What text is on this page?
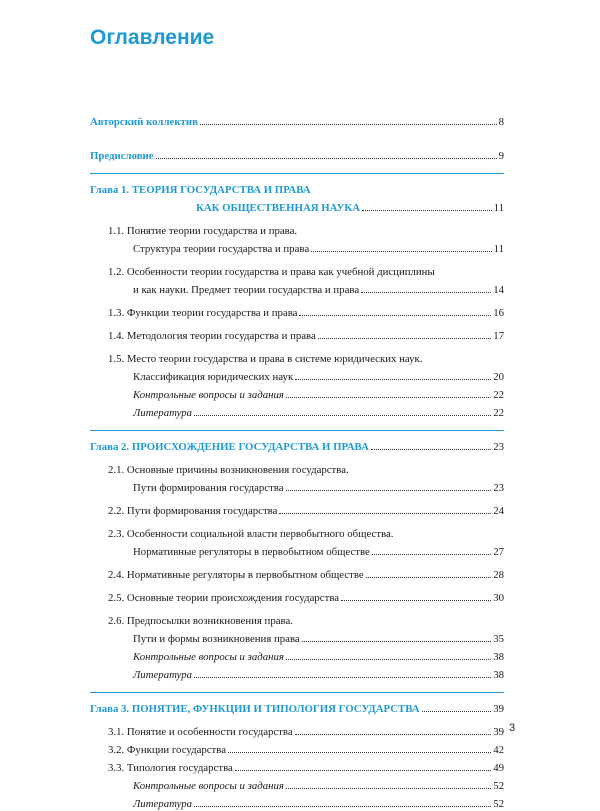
Оглавление
Авторский коллектив	8
Предисловие	9
Глава 1. ТЕОРИЯ ГОСУДАРСТВА И ПРАВА
КАК ОБЩЕСТВЕННАЯ НАУКА	11
1.1. Понятие теории государства и права.
Структура теории государства и права	11
1.2. Особенности теории государства и права как учебной дисциплины
и как науки. Предмет теории государства и права	14
1.3. Функции теории государства и права	16
1.4. Методология теории государства и права	17
1.5. Место теории государства и права в системе юридических наук.
Классификация юридических наук	20
Контрольные вопросы и задания	22
Литература	22
Глава 2. ПРОИСХОЖДЕНИЕ ГОСУДАРСТВА И ПРАВА	23
2.1. Основные причины возникновения государства.
Пути формирования государства	23
2.2. Пути формирования государства	24
2.3. Особенности социальной власти первобытного общества.
Нормативные регуляторы в первобытном обществе	27
2.4. Нормативные регуляторы в первобытном обществе	28
2.5. Основные теории происхождения государства	30
2.6. Предпосылки возникновения права.
Пути и формы возникновения права	35
Контрольные вопросы и задания	38
Литература	38
Глава 3. ПОНЯТИЕ, ФУНКЦИИ И ТИПОЛОГИЯ ГОСУДАРСТВА	39
3.1. Понятие и особенности государства	39
3.2. Функции государства	42
3.3. Типология государства	49
Контрольные вопросы и задания	52
Литература	52
3
